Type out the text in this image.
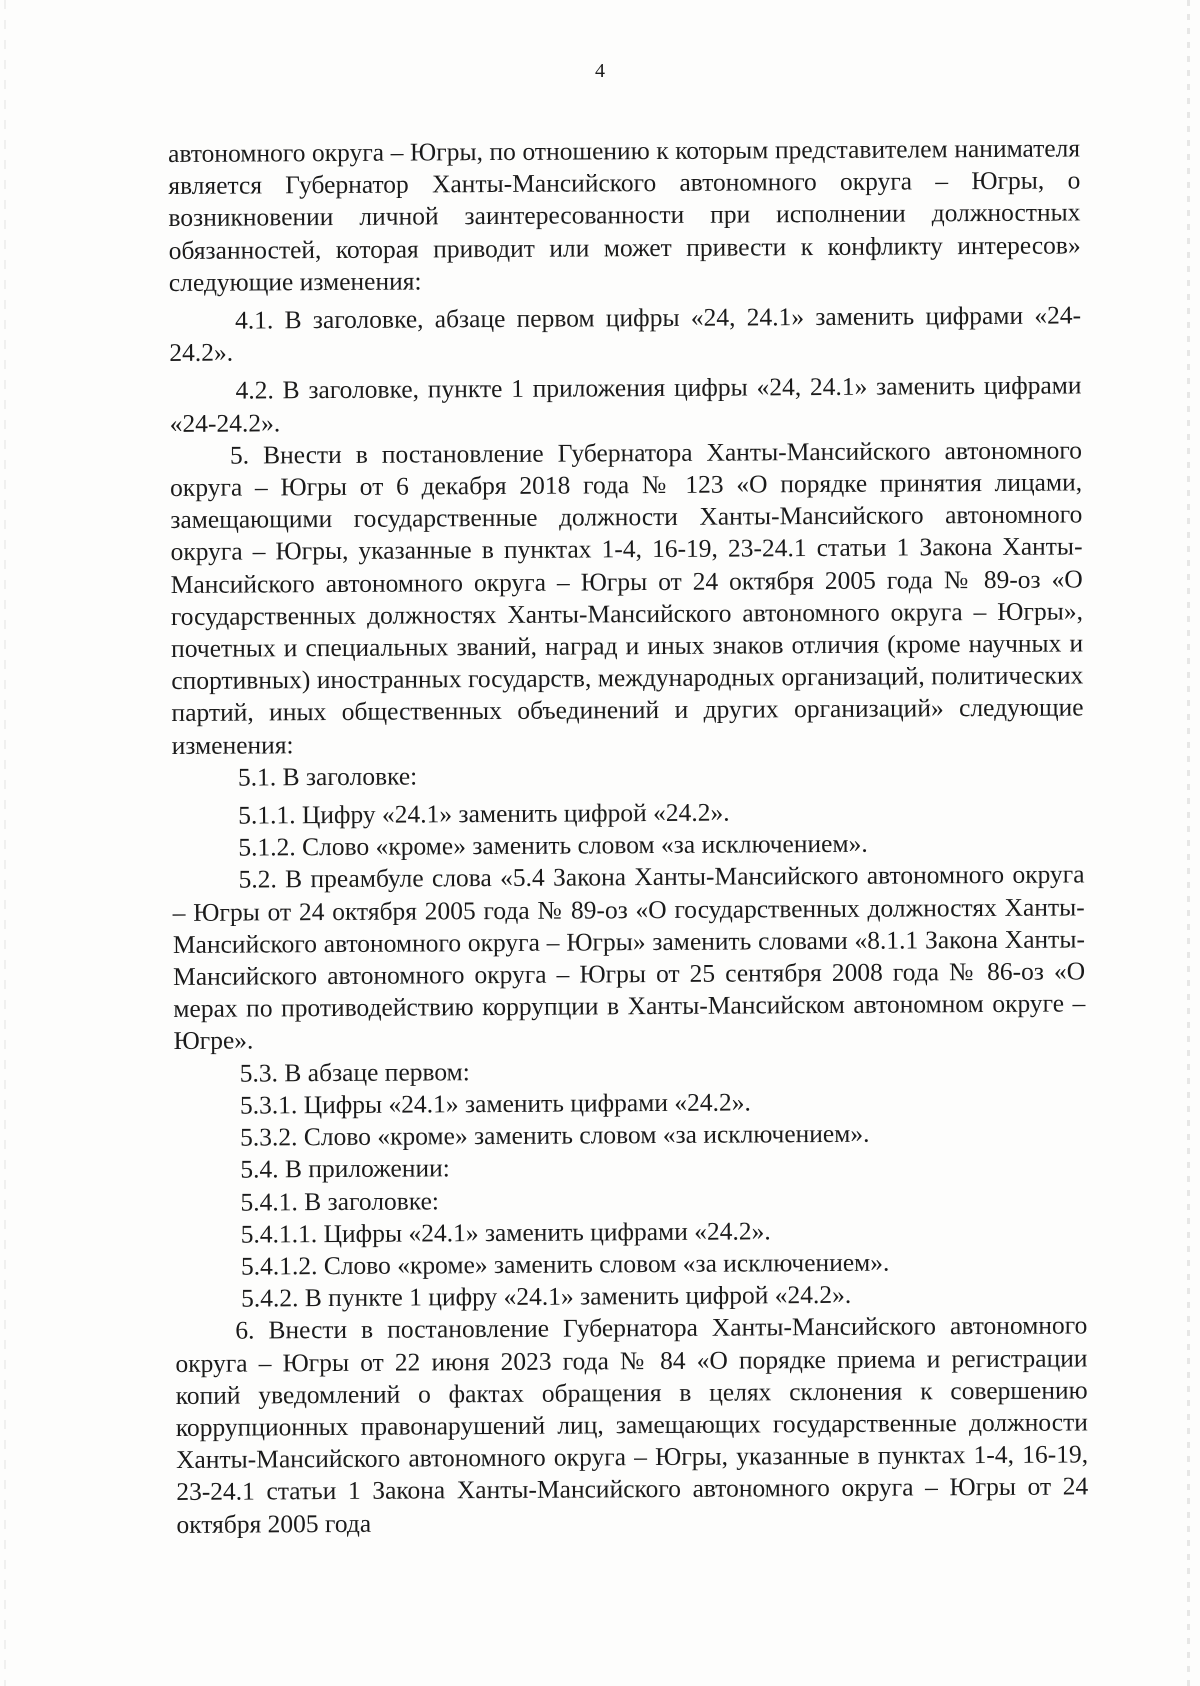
4

автономного округа – Югры, по отношению к которым представителем нанимателя является Губернатор Ханты-Мансийского автономного округа – Югры, о возникновении личной заинтересованности при исполнении должностных обязанностей, которая приводит или может привести к конфликту интересов» следующие изменения:

4.1. В заголовке, абзаце первом цифры «24, 24.1» заменить цифрами «24-24.2».

4.2. В заголовке, пункте 1 приложения цифры «24, 24.1» заменить цифрами «24-24.2».

5. Внести в постановление Губернатора Ханты-Мансийского автономного округа – Югры от 6 декабря 2018 года № 123 «О порядке принятия лицами, замещающими государственные должности Ханты-Мансийского автономного округа – Югры, указанные в пунктах 1-4, 16-19, 23-24.1 статьи 1 Закона Ханты-Мансийского автономного округа – Югры от 24 октября 2005 года № 89-оз «О государственных должностях Ханты-Мансийского автономного округа – Югры», почетных и специальных званий, наград и иных знаков отличия (кроме научных и спортивных) иностранных государств, международных организаций, политических партий, иных общественных объединений и других организаций» следующие изменения:

5.1. В заголовке:

5.1.1. Цифру «24.1» заменить цифрой «24.2».

5.1.2. Слово «кроме» заменить словом «за исключением».

5.2. В преамбуле слова «5.4 Закона Ханты-Мансийского автономного округа – Югры от 24 октября 2005 года № 89-оз «О государственных должностях Ханты-Мансийского автономного округа – Югры» заменить словами «8.1.1 Закона Ханты-Мансийского автономного округа – Югры от 25 сентября 2008 года № 86-оз «О мерах по противодействию коррупции в Ханты-Мансийском автономном округе – Югре».

5.3. В абзаце первом:

5.3.1. Цифры «24.1» заменить цифрами «24.2».

5.3.2. Слово «кроме» заменить словом «за исключением».

5.4. В приложении:

5.4.1. В заголовке:

5.4.1.1. Цифры «24.1» заменить цифрами «24.2».

5.4.1.2. Слово «кроме» заменить словом «за исключением».

5.4.2. В пункте 1 цифру «24.1» заменить цифрой «24.2».

6. Внести в постановление Губернатора Ханты-Мансийского автономного округа – Югры от 22 июня 2023 года № 84 «О порядке приема и регистрации копий уведомлений о фактах обращения в целях склонения к совершению коррупционных правонарушений лиц, замещающих государственные должности Ханты-Мансийского автономного округа – Югры, указанные в пунктах 1-4, 16-19, 23-24.1 статьи 1 Закона Ханты-Мансийского автономного округа – Югры от 24 октября 2005 года
